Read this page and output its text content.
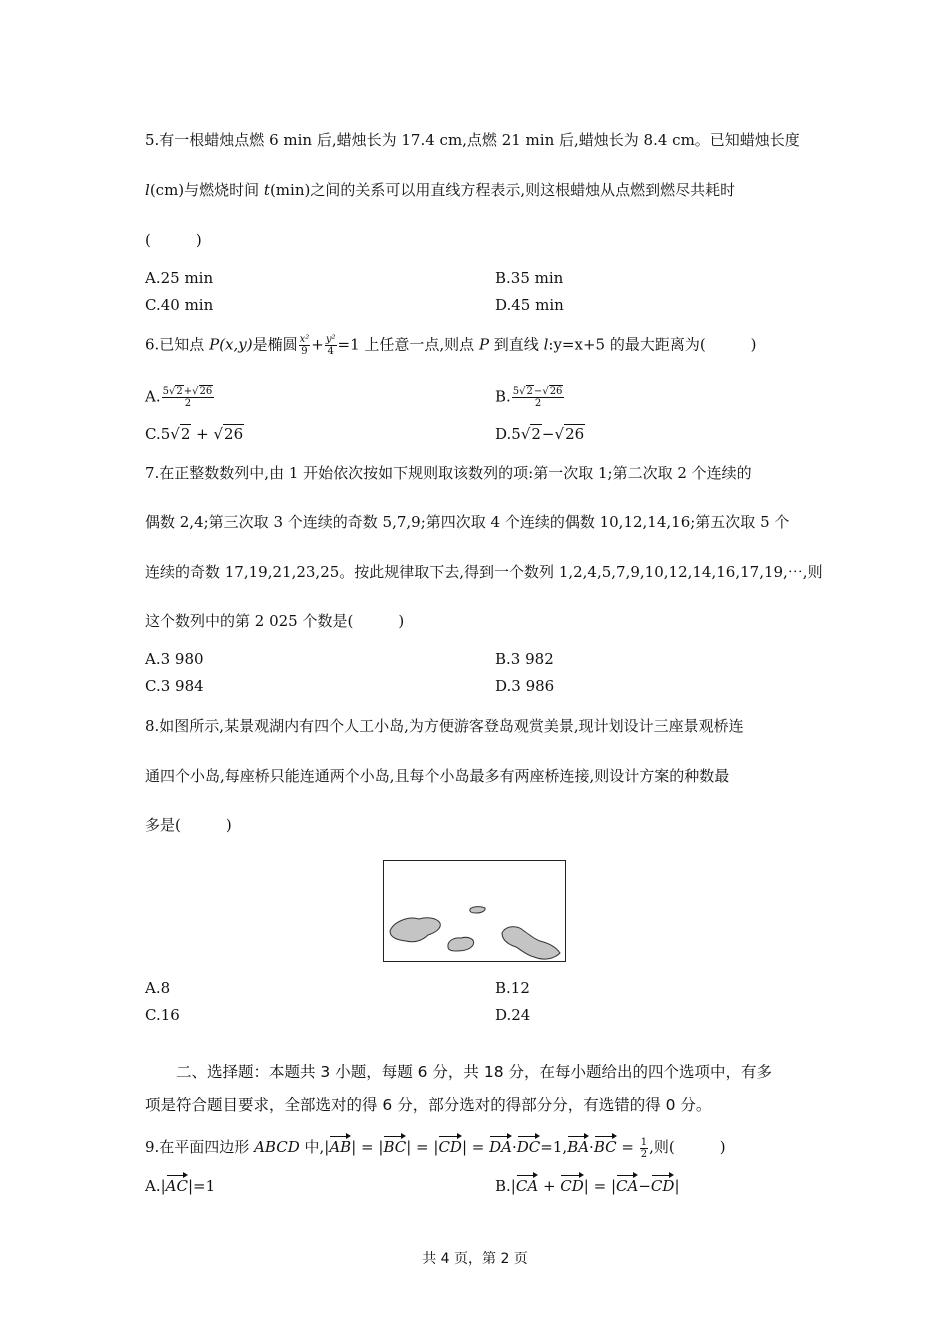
5.有一根蜡烛点燃 6 min 后,蜡烛长为 17.4 cm,点燃 21 min 后,蜡烛长为 8.4 cm。已知蜡烛长度
l(cm)与燃烧时间 t(min)之间的关系可以用直线方程表示,则这根蜡烛从点燃到燃尽共耗时
(　　　)
A.25 min	B.35 min
C.40 min	D.45 min
6.已知点 P(x,y)是椭圆 $\frac{\text{x²}}{9} + \frac{\text{y²}}{4} =1$ 上任意一点,则点 P 到直线 l:y=x+5 的最大距离为(　　　)
A. $\frac{5√2+√26}{2}$	B. $\frac{5√2-√26}{2}$
C.5√2 + √26	D.5√2−√26
7.在正整数数列中,由 1 开始依次按如下规则取该数列的项:第一次取 1;第二次取 2 个连续的
偶数 2,4;第三次取 3 个连续的奇数 5,7,9;第四次取 4 个连续的偶数 10,12,14,16;第五次取 5 个
连续的奇数 17,19,21,23,25。按此规律取下去,得到一个数列 1,2,4,5,7,9,10,12,14,16,17,19,⋯,则
这个数列中的第 2 025 个数是(　　　)
A.3 980	B.3 982
C.3 984	D.3 986
8.如图所示,某景观湖内有四个人工小岛,为方便游客登岛观赏美景,现计划设计三座景观桥连
通四个小岛,每座桥只能连通两个小岛,且每个小岛最多有两座桥连接,则设计方案的种数最
多是(　　　)
A.8	B.12
C.16	D.24
二、选择题：本题共 3 小题，每题 6 分，共 18 分，在每小题给出的四个选项中，有多
项是符合题目要求，全部选对的得 6 分，部分选对的得部分分，有选错的得 0 分。
9.在平面四边形 ABCD 中$,|AB| = |BC| = |CD| = DA\cdot DC=1,BA\cdot BC = \frac{1}{2}$ ,则(　　　)
A.|AC|=1	B.|CA + CD| = |CA−CD|
共 4 页，第 2 页
